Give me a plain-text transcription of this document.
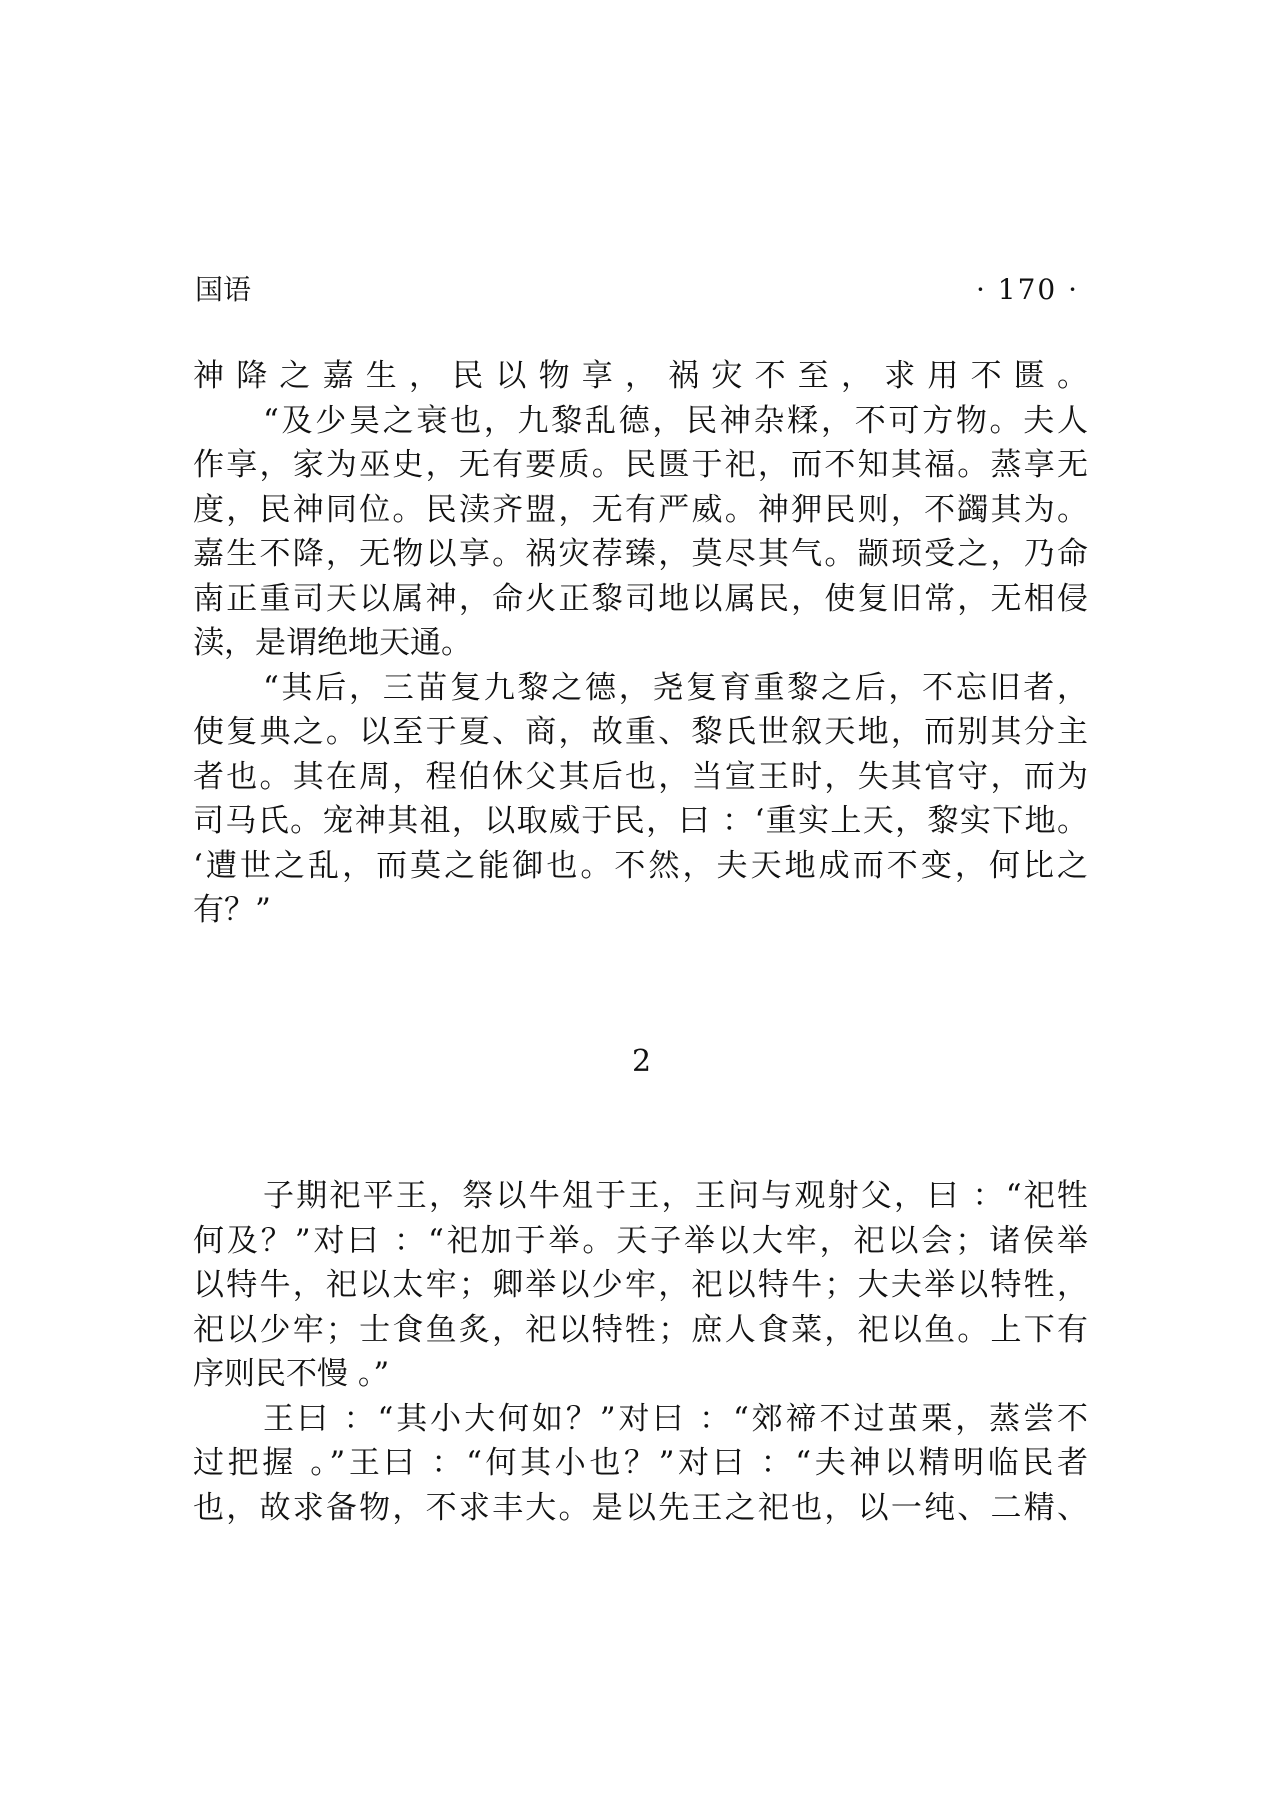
国语	· 170 ·
神降之嘉生，民以物享，祸灾不至，求用不匮。
“及少昊之衰也，九黎乱德，民神杂糅，不可方物。夫人
作享，家为巫史，无有要质。民匮于祀，而不知其福。蒸享无
度，民神同位。民渎齐盟，无有严威。神狎民则，不蠲其为。
嘉生不降，无物以享。祸灾荐臻，莫尽其气。颛顼受之，乃命
南正重司天以属神，命火正黎司地以属民，使复旧常，无相侵
渎，是谓绝地天通。
“其后，三苗复九黎之德，尧复育重黎之后，不忘旧者，
使复典之。以至于夏、商，故重、黎氏世叙天地，而别其分主
者也。其在周，程伯休父其后也，当宣王时，失其官守，而为
司马氏。宠神其祖，以取威于民，曰 ：‘重实上天，黎实下地。
‘遭世之乱，而莫之能御也。不然，夫天地成而不变，何比之
有？”
2
子期祀平王，祭以牛俎于王，王问与观射父，曰 ：“祀牲
何及？”对曰 ：“祀加于举。天子举以大牢，祀以会；诸侯举
以特牛，祀以太牢；卿举以少牢，祀以特牛；大夫举以特牲，
祀以少牢；士食鱼炙，祀以特牲；庶人食菜，祀以鱼。上下有
序则民不慢 。”
王曰 ：“其小大何如？”对曰 ：“郊禘不过茧栗，蒸尝不
过把握 。”王曰 ：“何其小也？”对曰 ：“夫神以精明临民者
也，故求备物，不求丰大。是以先王之祀也，以一纯、二精、
